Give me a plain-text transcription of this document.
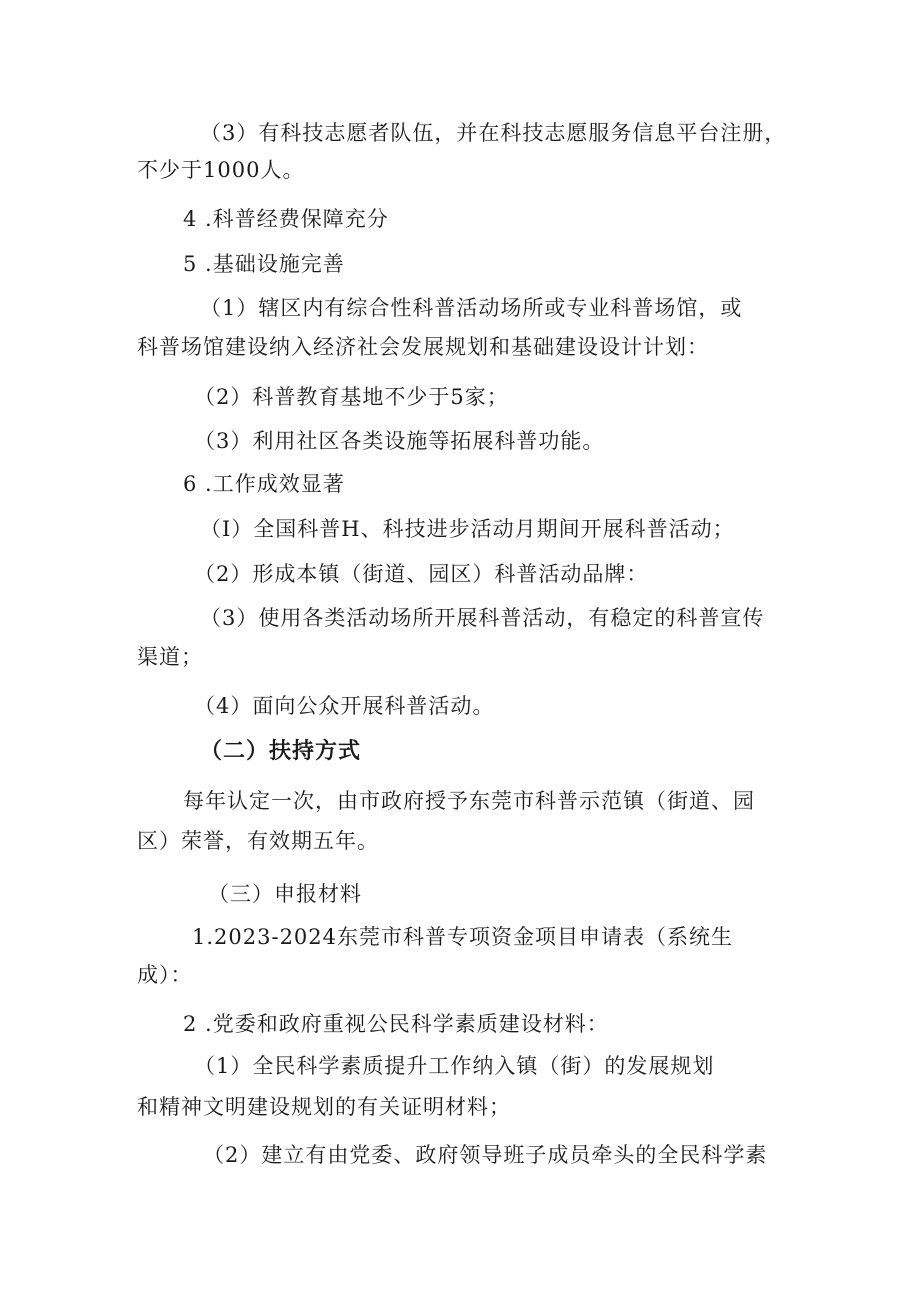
（3）有科技志愿者队伍，并在科技志愿服务信息平台注册，
不少于1000人。
4 .科普经费保障充分
5 .基础设施完善
（1）辖区内有综合性科普活动场所或专业科普场馆，或
科普场馆建设纳入经济社会发展规划和基础建设设计计划：
（2）科普教育基地不少于5家；
（3）利用社区各类设施等拓展科普功能。
6 .工作成效显著
（I）全国科普H、科技进步活动月期间开展科普活动；
（2）形成本镇（街道、园区）科普活动品牌：
（3）使用各类活动场所开展科普活动，有稳定的科普宣传
渠道；
（4）面向公众开展科普活动。
（二）扶持方式
每年认定一次，由市政府授予东莞市科普示范镇（街道、园
区）荣誉，有效期五年。
（三）申报材料
1.2023-2024东莞市科普专项资金项目申请表（系统生
成）：
2 .党委和政府重视公民科学素质建设材料：
（1）全民科学素质提升工作纳入镇（街）的发展规划
和精神文明建设规划的有关证明材料；
（2）建立有由党委、政府领导班子成员牵头的全民科学素
